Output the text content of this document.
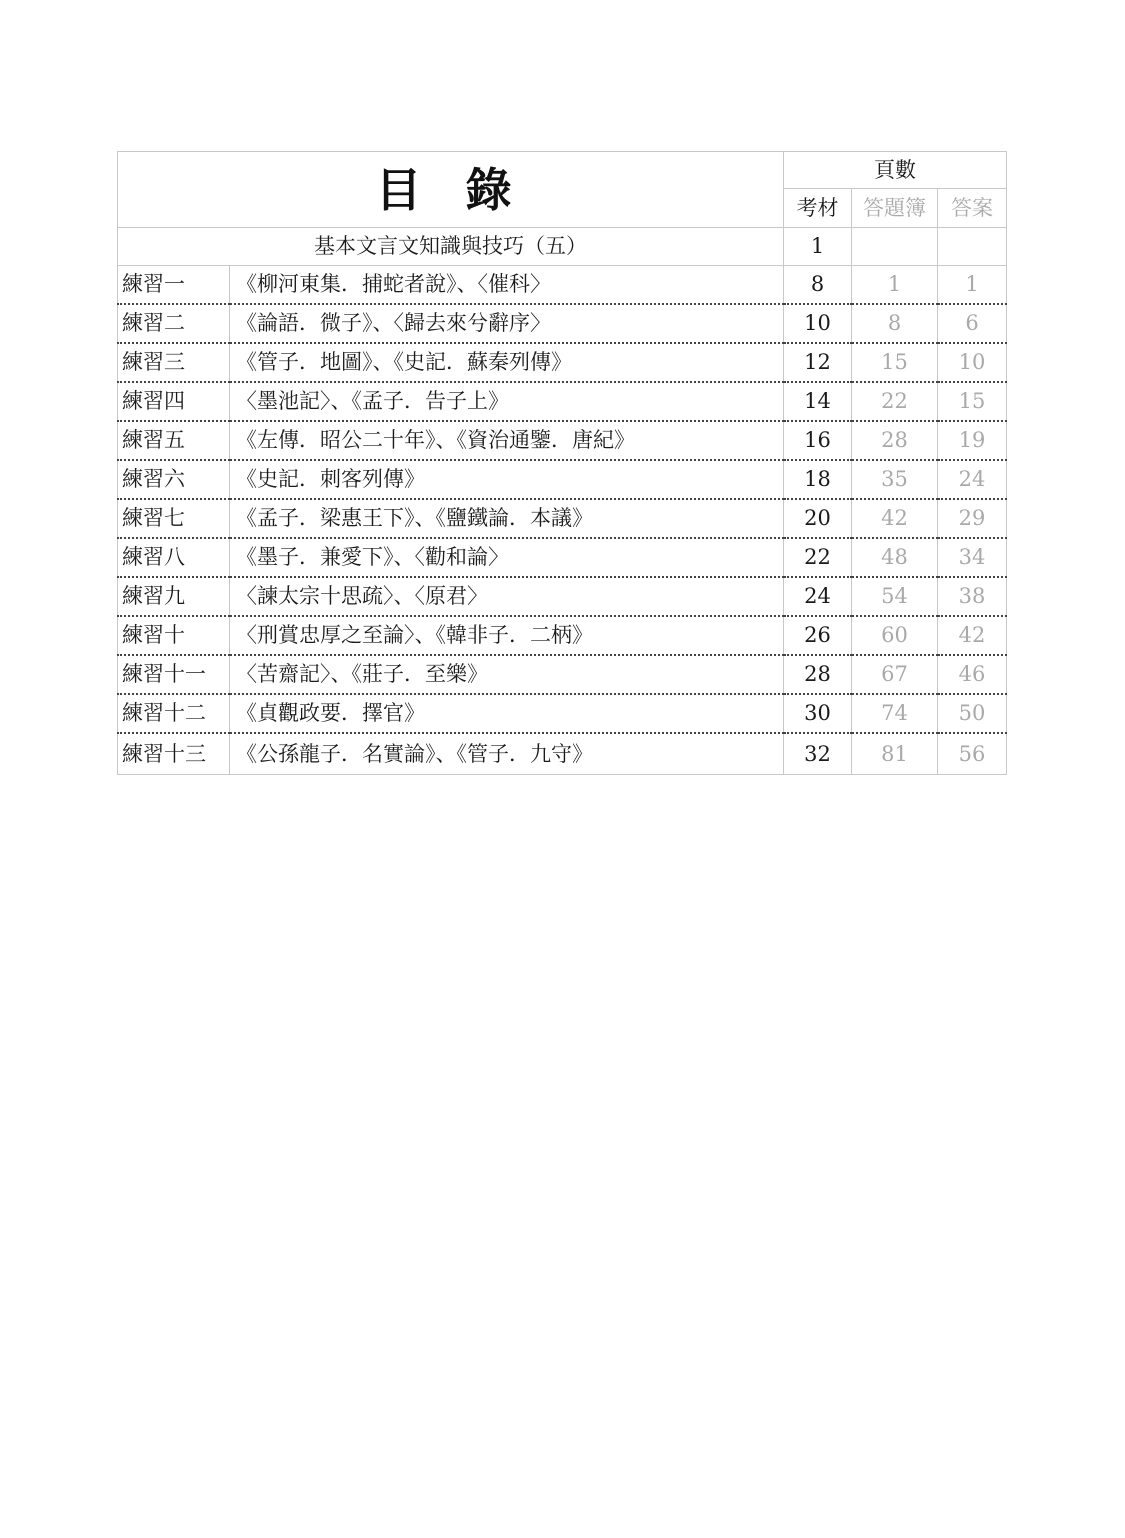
目 錄		頁數		
		考材	答題簿	答案
基本文言文知識與技巧（五）		1		
練習一	《柳河東集．捕蛇者說》、〈催科〉	8	1	1
練習二	《論語．微子》、〈歸去來兮辭序〉	10	8	6
練習三	《管子．地圖》、《史記．蘇秦列傳》	12	15	10
練習四	〈墨池記〉、《孟子．告子上》	14	22	15
練習五	《左傳．昭公二十年》、《資治通鑒．唐紀》	16	28	19
練習六	《史記．刺客列傳》	18	35	24
練習七	《孟子．梁惠王下》、《鹽鐵論．本議》	20	42	29
練習八	《墨子．兼愛下》、〈勸和論〉	22	48	34
練習九	〈諫太宗十思疏〉、〈原君〉	24	54	38
練習十	〈刑賞忠厚之至論〉、《韓非子．二柄》	26	60	42
練習十一	〈苦齋記〉、《莊子．至樂》	28	67	46
練習十二	《貞觀政要．擇官》	30	74	50
練習十三	《公孫龍子．名實論》、《管子．九守》	32	81	56
